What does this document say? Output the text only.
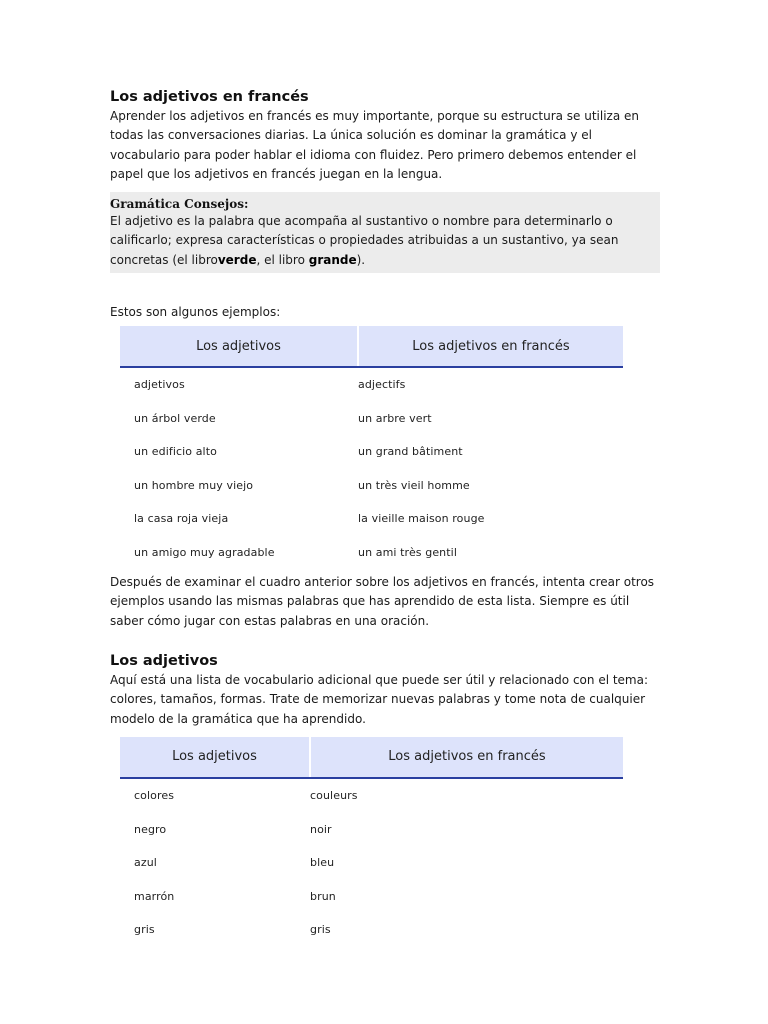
Los adjetivos en francés

Aprender los adjetivos en francés es muy importante, porque su estructura se utiliza en todas las conversaciones diarias. La única solución es dominar la gramática y el vocabulario para poder hablar el idioma con fluidez. Pero primero debemos entender el papel que los adjetivos en francés juegan en la lengua.

Gramática Consejos:
El adjetivo es la palabra que acompaña al sustantivo o nombre para determinarlo o calificarlo; expresa características o propiedades atribuidas a un sustantivo, ya sean concretas (el libroverde, el libro grande).

Estos son algunos ejemplos:

Los adjetivos	Los adjetivos en francés
adjetivos	adjectifs
un árbol verde	un arbre vert
un edificio alto	un grand bâtiment
un hombre muy viejo	un très vieil homme
la casa roja vieja	la vieille maison rouge
un amigo muy agradable	un ami très gentil

Después de examinar el cuadro anterior sobre los adjetivos en francés, intenta crear otros ejemplos usando las mismas palabras que has aprendido de esta lista. Siempre es útil saber cómo jugar con estas palabras en una oración.

Los adjetivos

Aquí está una lista de vocabulario adicional que puede ser útil y relacionado con el tema: colores, tamaños, formas. Trate de memorizar nuevas palabras y tome nota de cualquier modelo de la gramática que ha aprendido.

Los adjetivos	Los adjetivos en francés
colores	couleurs
negro	noir
azul	bleu
marrón	brun
gris	gris
